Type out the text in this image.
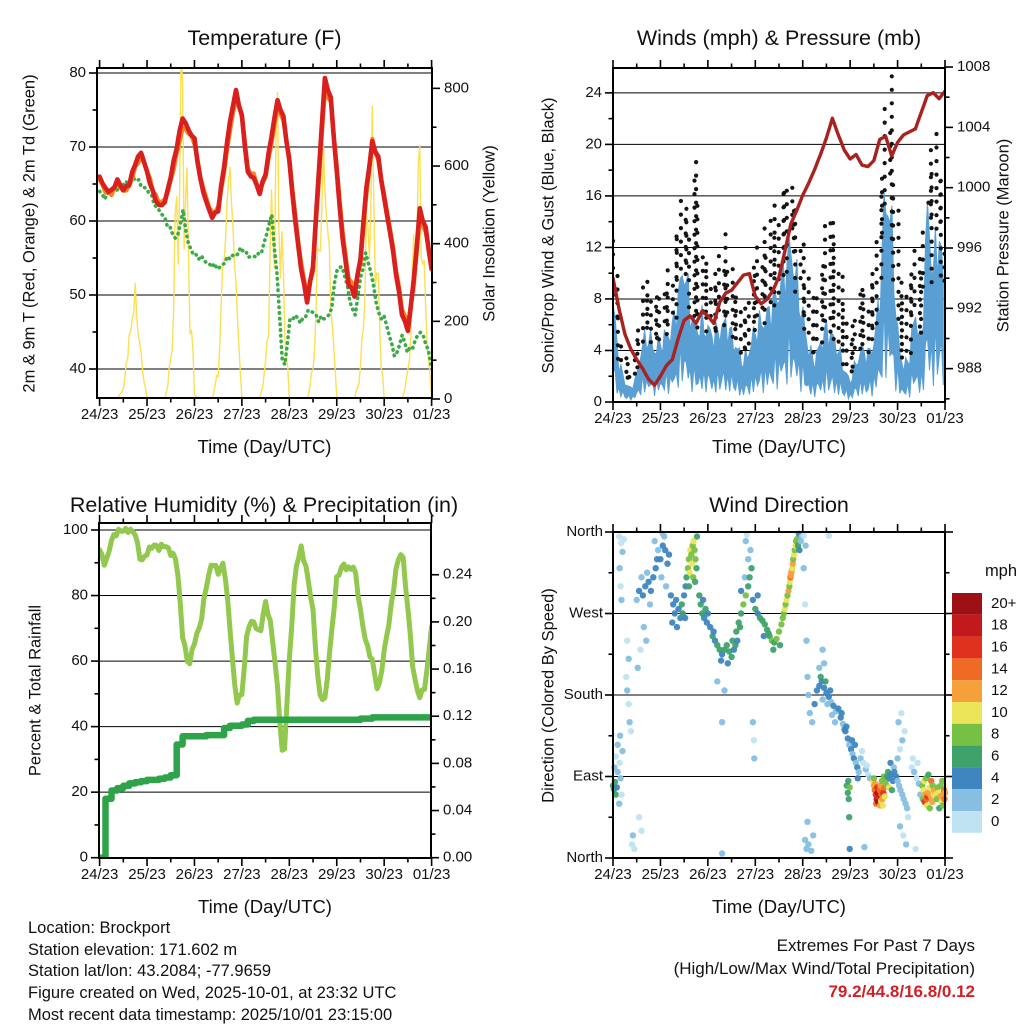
24/23 25/23 26/23 27/23 28/23 29/23 30/23 01/23
40
50
60
70
80
0
200
400
600
800
24/23 25/23 26/23 27/23 28/23 29/23 30/23 01/23
0
4
8
12
16
20
24
988
992
996
1000
1004
1008
24/23 25/23 26/23 27/23 28/23 29/23 30/23 01/23
0
20
40
60
80
100
0.00
0.04
0.08
0.12
0.16
0.20
0.24
24/23 25/23 26/23 27/23 28/23 29/23 30/23 01/23
North
West
South
East
North
20+
18
16
14
12
10
8
6
4
2
0
Temperature (F)	Winds (mph) & Pressure (mb)
Relative Humidity (%) & Precipitation (in)	Wind Direction
Time (Day/UTC)	Time (Day/UTC)
Time (Day/UTC)	Time (Day/UTC)
2m & 9m T (Red, Orange) & 2m Td (Green)	Solar Insolation (Yellow) Sonic/Prop Wind & Gust (Blue, Black)	Station Pressure (Maroon)
Percent & Total Rainfall	Direction (Colored By Speed)
mph
Location: Brockport
Station elevation: 171.602 m
Station lat/lon: 43.2084; -77.9659
Figure created on Wed, 2025-10-01, at 23:32 UTC
Most recent data timestamp: 2025/10/01 23:15:00
Extremes For Past 7 Days
(High/Low/Max Wind/Total Precipitation)
79.2/44.8/16.8/0.12
